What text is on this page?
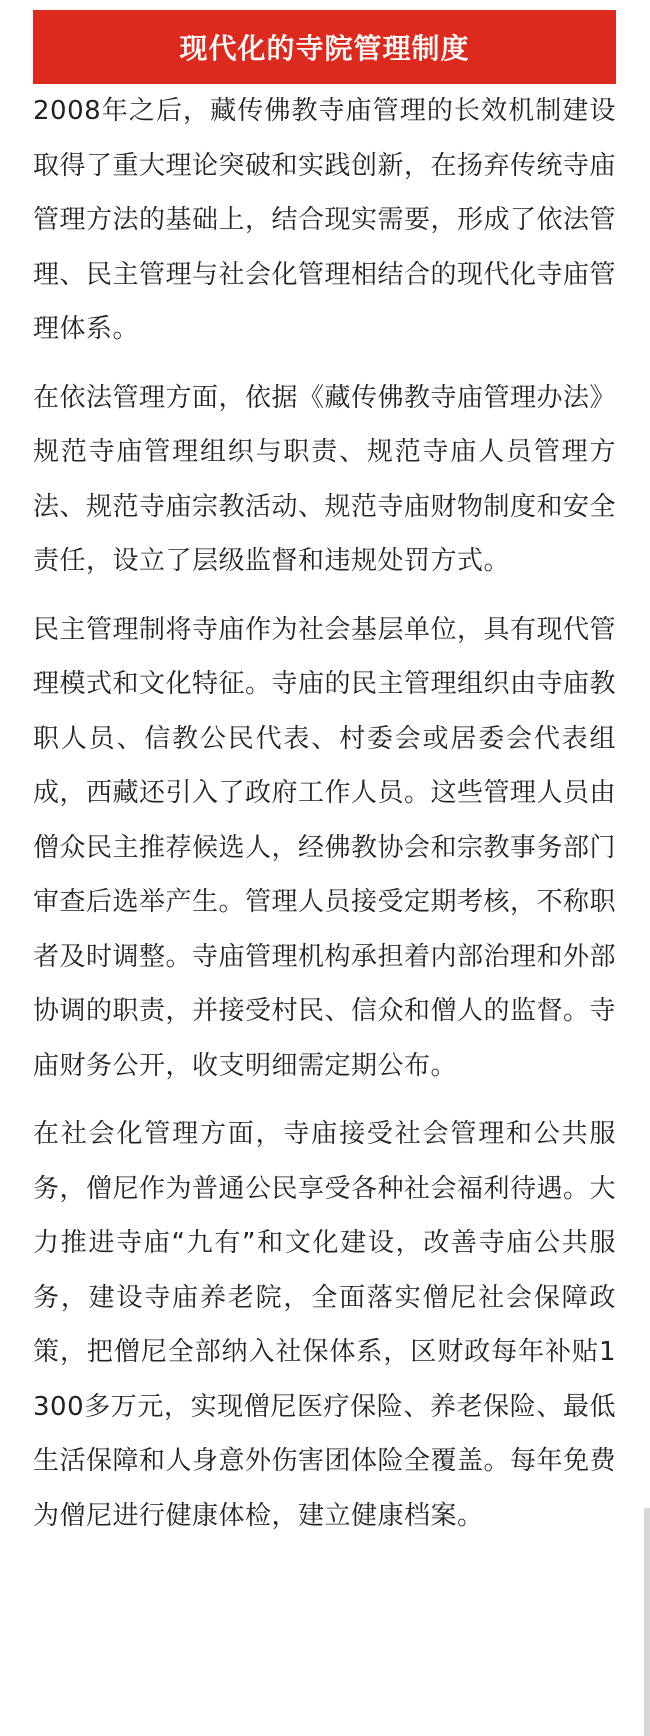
现代化的寺院管理制度

2008年之后，藏传佛教寺庙管理的长效机制建设取得了重大理论突破和实践创新，在扬弃传统寺庙管理方法的基础上，结合现实需要，形成了依法管理、民主管理与社会化管理相结合的现代化寺庙管理体系。

在依法管理方面，依据《藏传佛教寺庙管理办法》规范寺庙管理组织与职责、规范寺庙人员管理方法、规范寺庙宗教活动、规范寺庙财物制度和安全责任，设立了层级监督和违规处罚方式。

民主管理制将寺庙作为社会基层单位，具有现代管理模式和文化特征。寺庙的民主管理组织由寺庙教职人员、信教公民代表、村委会或居委会代表组成，西藏还引入了政府工作人员。这些管理人员由僧众民主推荐候选人，经佛教协会和宗教事务部门审查后选举产生。管理人员接受定期考核，不称职者及时调整。寺庙管理机构承担着内部治理和外部协调的职责，并接受村民、信众和僧人的监督。寺庙财务公开，收支明细需定期公布。

在社会化管理方面，寺庙接受社会管理和公共服务，僧尼作为普通公民享受各种社会福利待遇。大力推进寺庙“九有”和文化建设，改善寺庙公共服务，建设寺庙养老院，全面落实僧尼社会保障政策，把僧尼全部纳入社保体系，区财政每年补贴1300多万元，实现僧尼医疗保险、养老保险、最低生活保障和人身意外伤害团体险全覆盖。每年免费为僧尼进行健康体检，建立健康档案。
